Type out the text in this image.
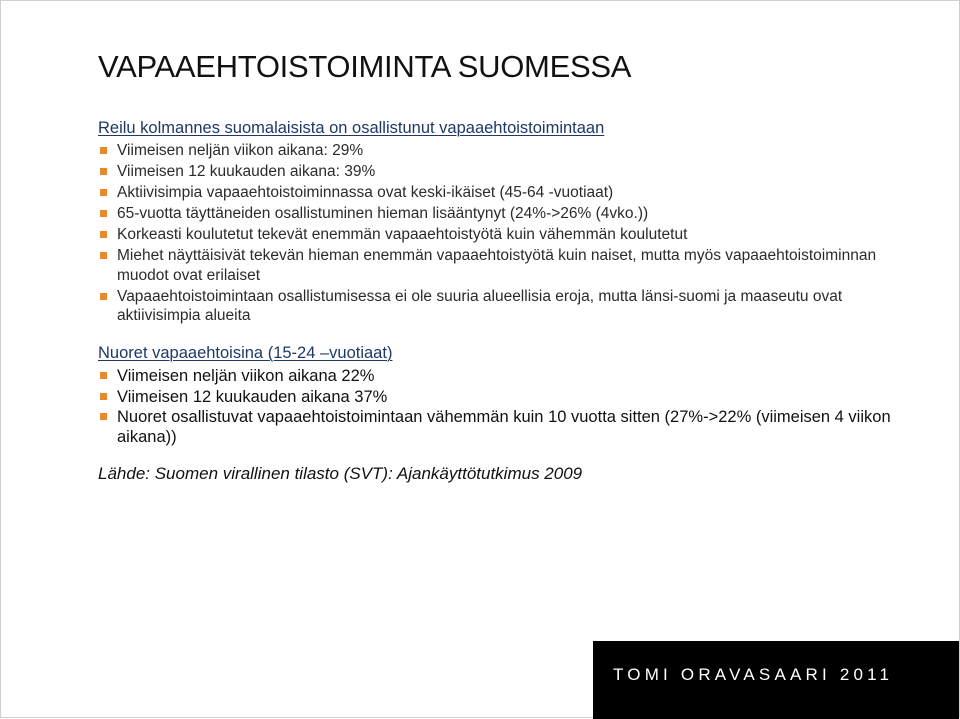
VAPAAEHTOISTOIMINTA SUOMESSA
Reilu kolmannes suomalaisista on osallistunut vapaaehtoistoimintaan
Viimeisen neljän viikon aikana: 29%
Viimeisen 12 kuukauden aikana: 39%
Aktiivisimpia vapaaehtoistoiminnassa ovat keski-ikäiset (45-64 -vuotiaat)
65-vuotta täyttäneiden osallistuminen hieman lisääntynyt (24%->26% (4vko.))
Korkeasti koulutetut tekevät enemmän vapaaehtoistyötä kuin vähemmän koulutetut
Miehet näyttäisivät tekevän hieman enemmän vapaaehtoistyötä kuin naiset, mutta myös vapaaehtoistoiminnan muodot ovat erilaiset
Vapaaehtoistoimintaan osallistumisessa ei ole suuria alueellisia eroja, mutta länsi-suomi ja maaseutu ovat aktiivisimpia alueita
Nuoret vapaaehtoisina (15-24 –vuotiaat)
Viimeisen neljän viikon aikana 22%
Viimeisen 12 kuukauden aikana 37%
Nuoret osallistuvat vapaaehtoistoimintaan vähemmän kuin 10 vuotta sitten (27%->22% (viimeisen 4 viikon aikana))
Lähde: Suomen virallinen tilasto (SVT): Ajankäyttötutkimus 2009
TOMI ORAVASAARI 2011
